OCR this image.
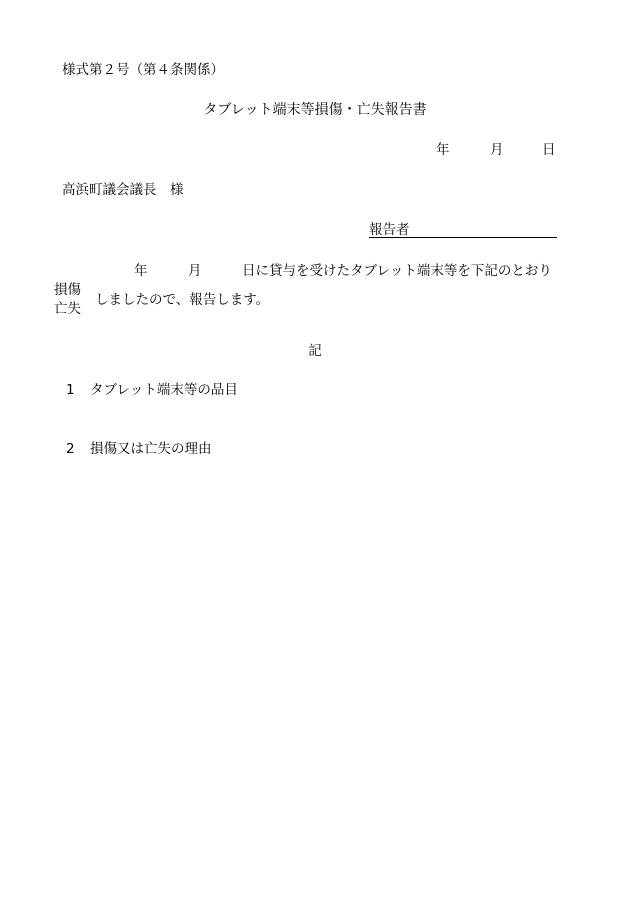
様式第２号（第４条関係）
タブレット端末等損傷・亡失報告書
年	月	日
高浜町議会議長　様
報告者
年	月	日に貸与を受けたタブレット端末等を下記のとおり
損傷
亡失
しましたので、報告します。
記
1 タブレット端末等の品目
2 損傷又は亡失の理由
